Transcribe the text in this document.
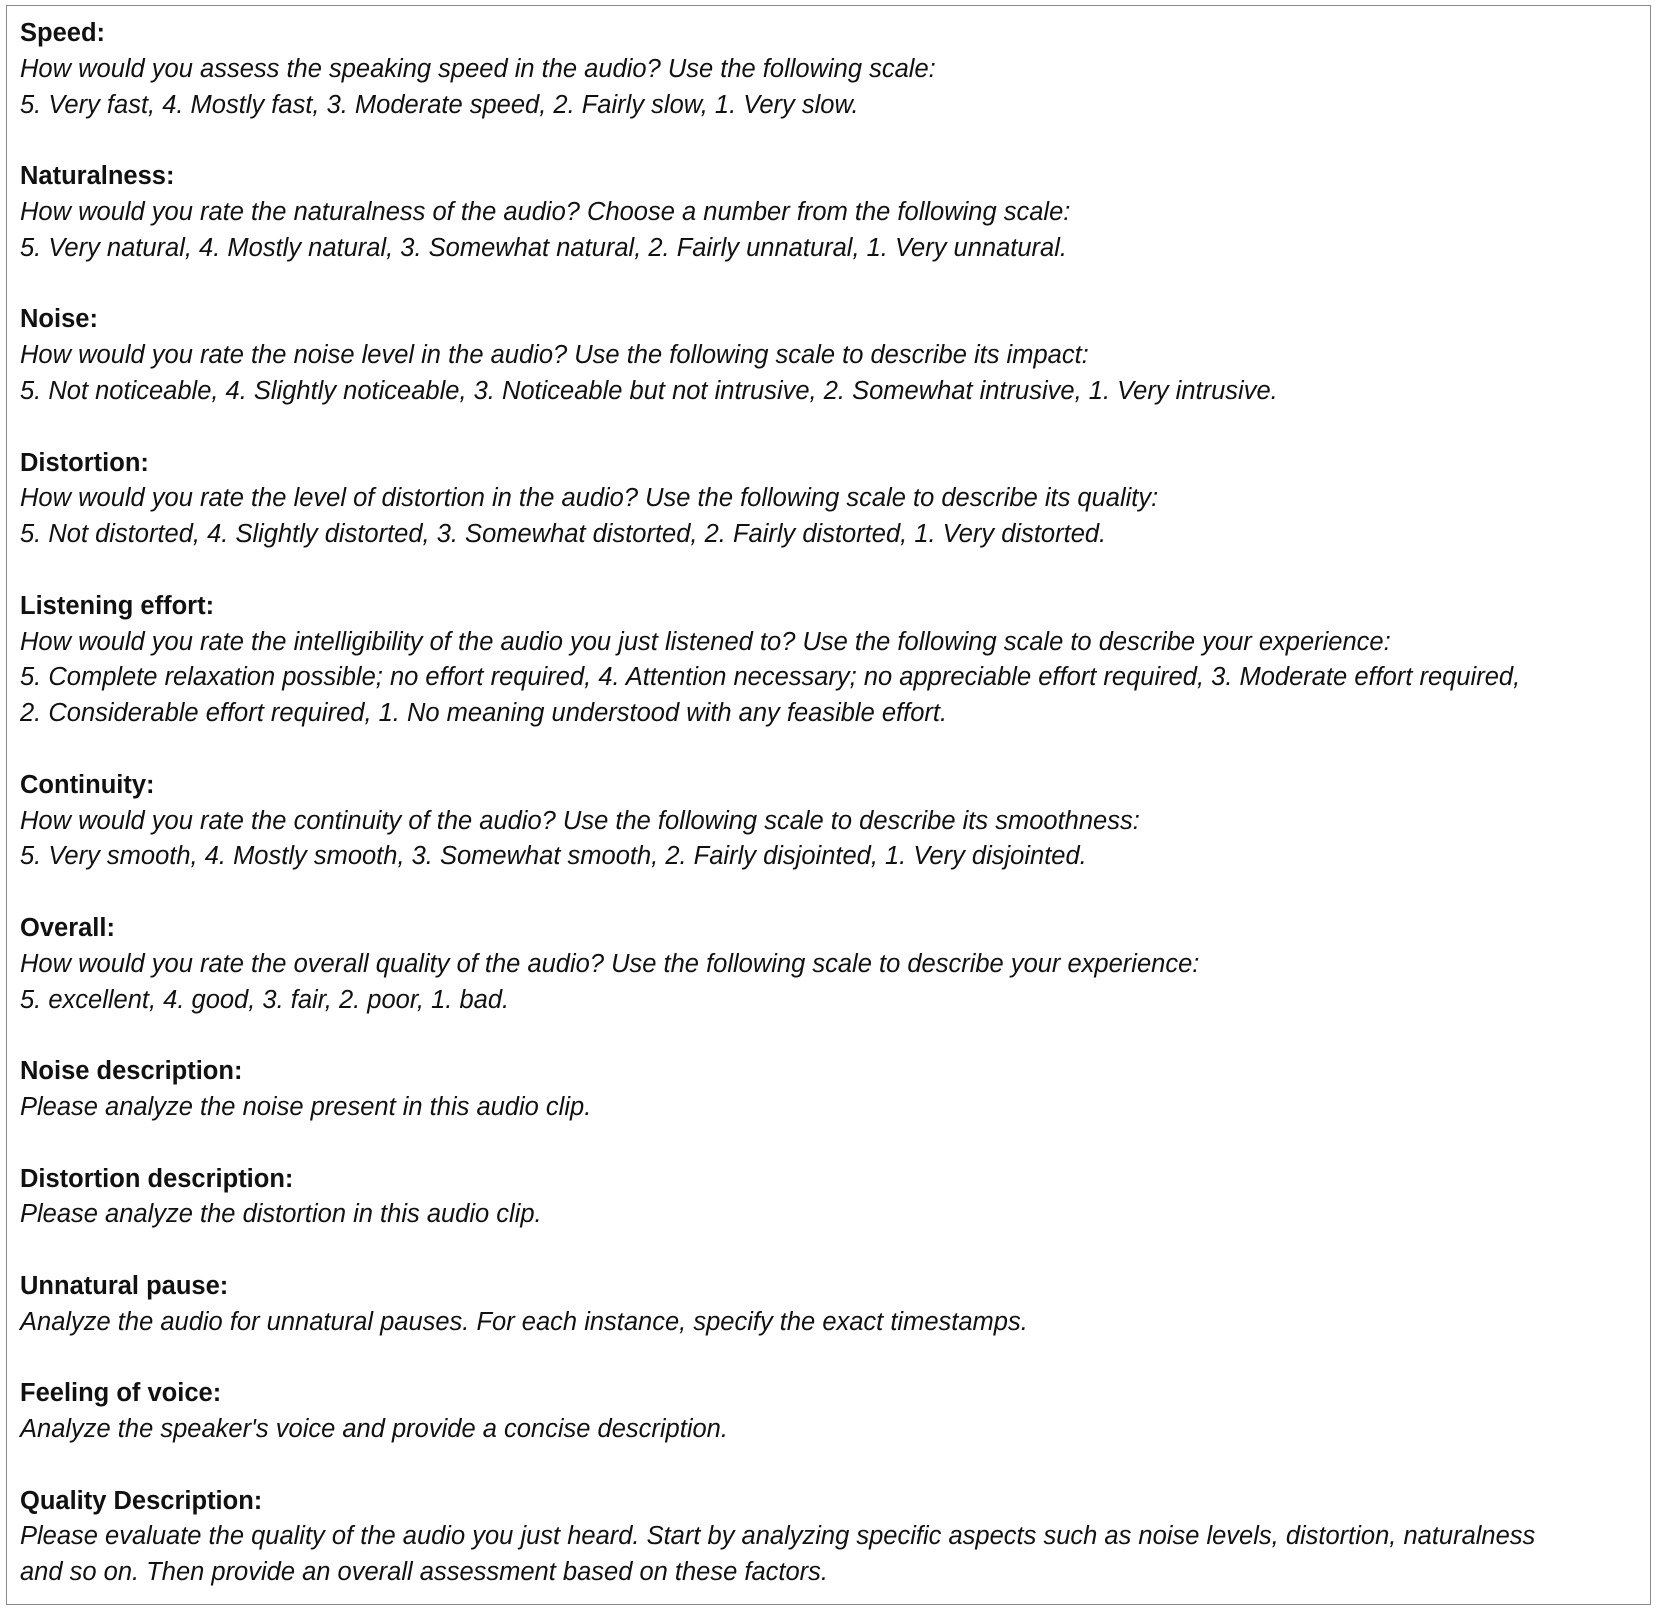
Speed:
How would you assess the speaking speed in the audio? Use the following scale:
5. Very fast, 4. Mostly fast, 3. Moderate speed, 2. Fairly slow, 1. Very slow.
Naturalness:
How would you rate the naturalness of the audio? Choose a number from the following scale:
5. Very natural, 4. Mostly natural, 3. Somewhat natural, 2. Fairly unnatural, 1. Very unnatural.
Noise:
How would you rate the noise level in the audio? Use the following scale to describe its impact:
5. Not noticeable, 4. Slightly noticeable, 3. Noticeable but not intrusive, 2. Somewhat intrusive, 1. Very intrusive.
Distortion:
How would you rate the level of distortion in the audio? Use the following scale to describe its quality:
5. Not distorted, 4. Slightly distorted, 3. Somewhat distorted, 2. Fairly distorted, 1. Very distorted.
Listening effort:
How would you rate the intelligibility of the audio you just listened to? Use the following scale to describe your experience:
5. Complete relaxation possible; no effort required, 4. Attention necessary; no appreciable effort required, 3. Moderate effort required,
2. Considerable effort required, 1. No meaning understood with any feasible effort.
Continuity:
How would you rate the continuity of the audio? Use the following scale to describe its smoothness:
5. Very smooth, 4. Mostly smooth, 3. Somewhat smooth, 2. Fairly disjointed, 1. Very disjointed.
Overall:
How would you rate the overall quality of the audio? Use the following scale to describe your experience:
5. excellent, 4. good, 3. fair, 2. poor, 1. bad.
Noise description:
Please analyze the noise present in this audio clip.
Distortion description:
Please analyze the distortion in this audio clip.
Unnatural pause:
Analyze the audio for unnatural pauses. For each instance, specify the exact timestamps.
Feeling of voice:
Analyze the speaker's voice and provide a concise description.
Quality Description:
Please evaluate the quality of the audio you just heard. Start by analyzing specific aspects such as noise levels, distortion, naturalness
and so on. Then provide an overall assessment based on these factors.
